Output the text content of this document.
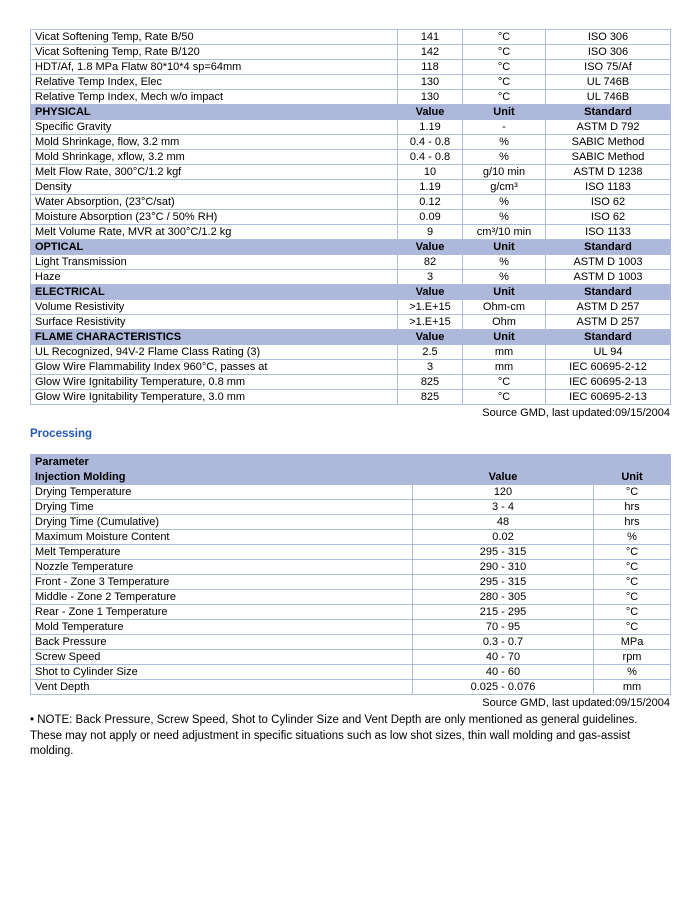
Vicat Softening Temp, Rate B/50	141	°C	ISO 306
Vicat Softening Temp, Rate B/120	142	°C	ISO 306
HDT/Af, 1.8 MPa Flatw 80*10*4 sp=64mm	118	°C	ISO 75/Af
Relative Temp Index, Elec	130	°C	UL 746B
Relative Temp Index, Mech w/o impact	130	°C	UL 746B
PHYSICAL	Value	Unit	Standard
Specific Gravity	1.19	-	ASTM D 792
Mold Shrinkage, flow, 3.2 mm	0.4 - 0.8	%	SABIC Method
Mold Shrinkage, xflow, 3.2 mm	0.4 - 0.8	%	SABIC Method
Melt Flow Rate, 300°C/1.2 kgf	10	g/10 min	ASTM D 1238
Density	1.19	g/cm³	ISO 1183
Water Absorption, (23°C/sat)	0.12	%	ISO 62
Moisture Absorption (23°C / 50% RH)	0.09	%	ISO 62
Melt Volume Rate, MVR at 300°C/1.2 kg	9	cm³/10 min	ISO 1133
OPTICAL	Value	Unit	Standard
Light Transmission	82	%	ASTM D 1003
Haze	3	%	ASTM D 1003
ELECTRICAL	Value	Unit	Standard
Volume Resistivity	>1.E+15	Ohm-cm	ASTM D 257
Surface Resistivity	>1.E+15	Ohm	ASTM D 257
FLAME CHARACTERISTICS	Value	Unit	Standard
UL Recognized, 94V-2 Flame Class Rating (3)	2.5	mm	UL 94
Glow Wire Flammability Index 960°C, passes at	3	mm	IEC 60695-2-12
Glow Wire Ignitability Temperature, 0.8 mm	825	°C	IEC 60695-2-13
Glow Wire Ignitability Temperature, 3.0 mm	825	°C	IEC 60695-2-13
Source GMD, last updated:09/15/2004
Processing
Parameter		
Injection Molding	Value	Unit
Drying Temperature	120	°C
Drying Time	3 - 4	hrs
Drying Time (Cumulative)	48	hrs
Maximum Moisture Content	0.02	%
Melt Temperature	295 - 315	°C
Nozzle Temperature	290 - 310	°C
Front - Zone 3 Temperature	295 - 315	°C
Middle - Zone 2 Temperature	280 - 305	°C
Rear - Zone 1 Temperature	215 - 295	°C
Mold Temperature	70 - 95	°C
Back Pressure	0.3 - 0.7	MPa
Screw Speed	40 - 70	rpm
Shot to Cylinder Size	40 - 60	%
Vent Depth	0.025 - 0.076	mm
Source GMD, last updated:09/15/2004

• NOTE: Back Pressure, Screw Speed, Shot to Cylinder Size and Vent Depth are only mentioned as general guidelines. These may not apply or need adjustment in specific situations such as low shot sizes, thin wall molding and gas-assist molding.
